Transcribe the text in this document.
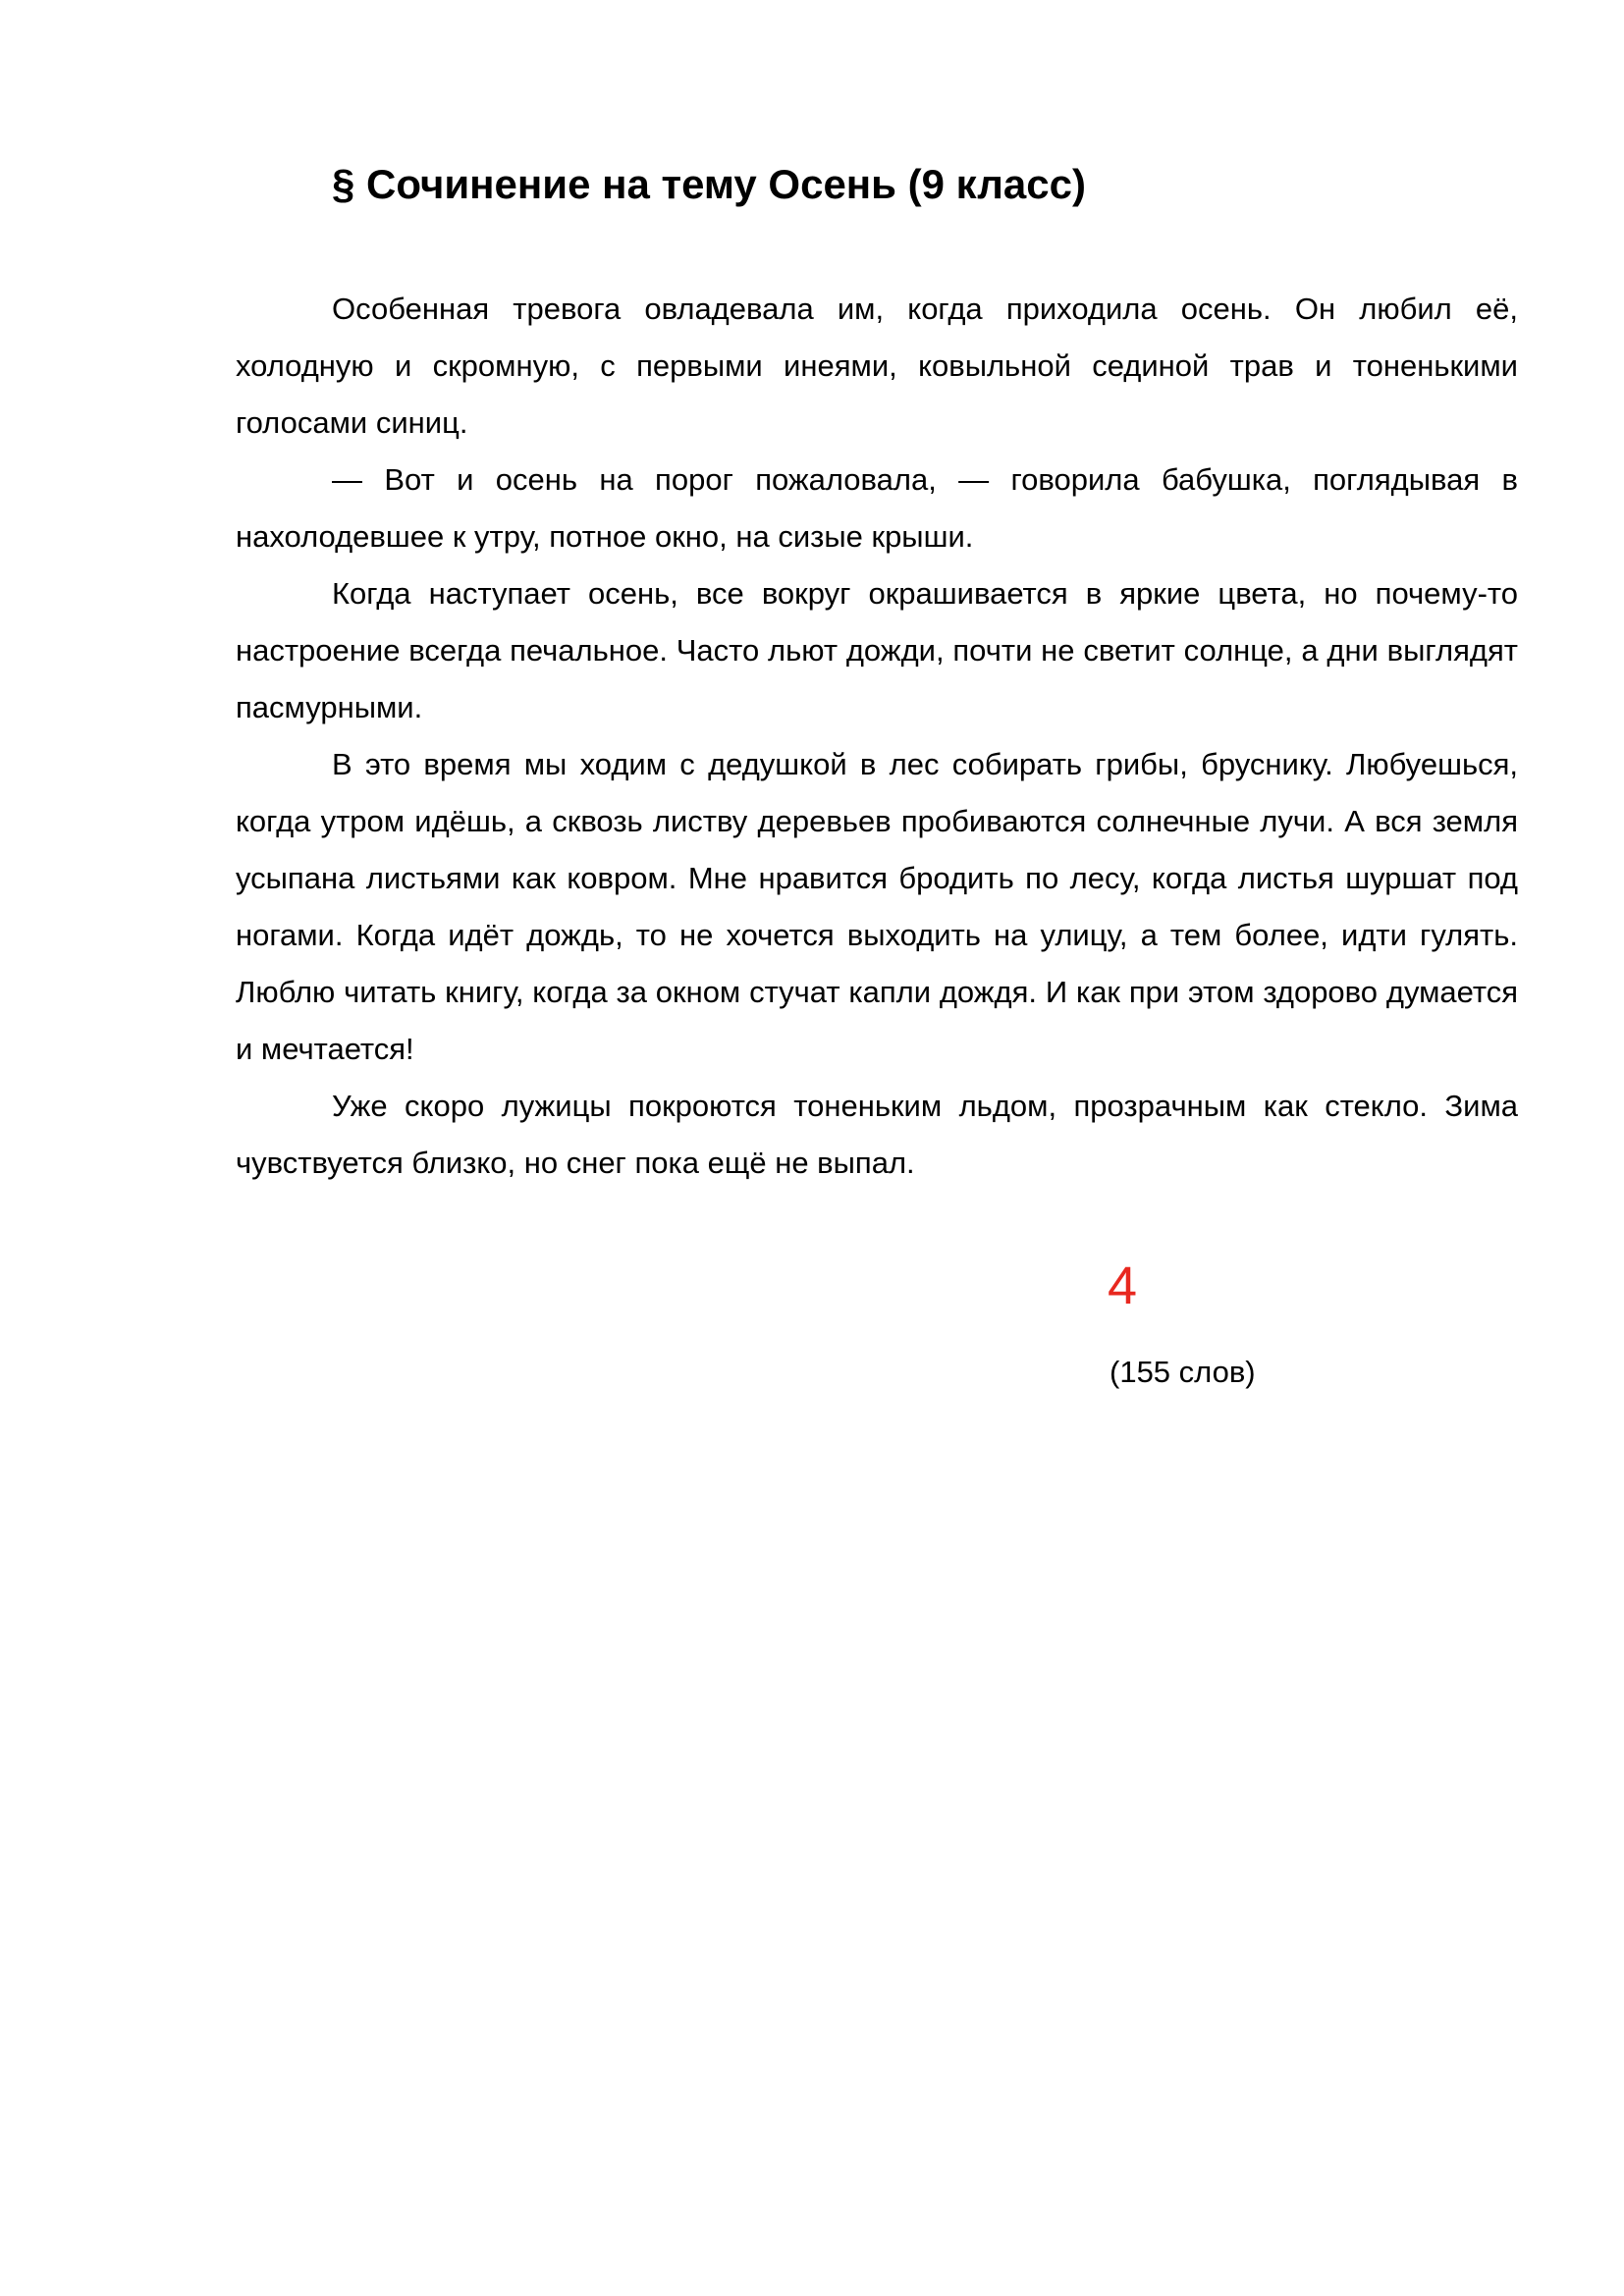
§ Сочинение на тему Осень (9 класс)

Особенная тревога овладевала им, когда приходила осень. Он любил её, холодную и скромную, с первыми инеями, ковыльной сединой трав и тоненькими голосами синиц.

— Вот и осень на порог пожаловала, — говорила бабушка, поглядывая в нахолодевшее к утру, потное окно, на сизые крыши.

Когда наступает осень, все вокруг окрашивается в яркие цвета, но почему-то настроение всегда печальное. Часто льют дожди, почти не светит солнце, а дни выглядят пасмурными.

В это время мы ходим с дедушкой в лес собирать грибы, бруснику. Любуешься, когда утром идёшь, а сквозь листву деревьев пробиваются солнечные лучи. А вся земля усыпана листьями как ковром. Мне нравится бродить по лесу, когда листья шуршат под ногами. Когда идёт дождь, то не хочется выходить на улицу, а тем более, идти гулять. Люблю читать книгу, когда за окном стучат капли дождя. И как при этом здорово думается и мечтается!

Уже скоро лужицы покроются тоненьким льдом, прозрачным как стекло. Зима чувствуется близко, но снег пока ещё не выпал.

4

(155 слов)
